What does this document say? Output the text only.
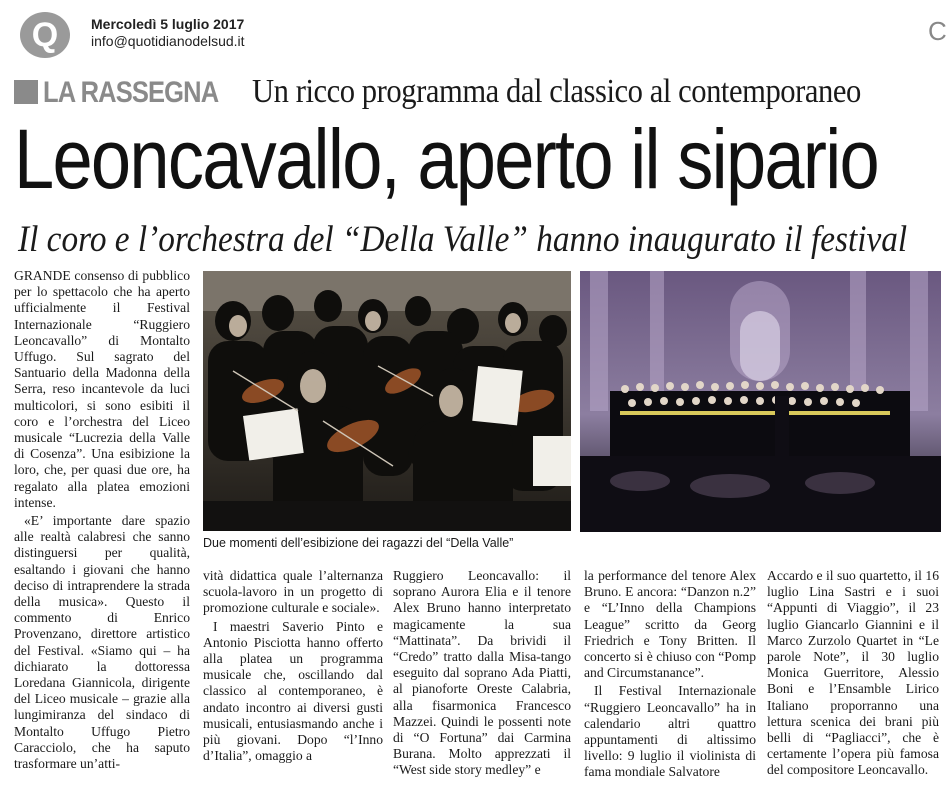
Q	Mercoledì 5 luglio 2017
info@quotidianodelsud.it	C
LA RASSEGNA Un ricco programma dal classico al contemporaneo
Leoncavallo, aperto il sipario
Il coro e l’orchestra del “Della Valle” hanno inaugurato il festival

GRANDE consenso di pubblico per lo spettacolo che ha aperto ufficialmente il Festival Internazionale “Ruggiero Leoncavallo” di Montalto Uffugo. Sul sagrato del Santuario della Madonna della Serra, reso incantevole da luci multicolori, si sono esibiti il coro e l’orchestra del Liceo musicale “Lucrezia della Valle di Cosenza”. Una esibizione la loro, che, per quasi due ore, ha regalato alla platea emozioni intense.

«E’ importante dare spazio alle realtà calabresi che sanno distinguersi per qualità, esaltando i giovani che hanno deciso di intraprendere la strada della musica». Questo il commento di Enrico Provenzano, direttore artistico del Festival. «Siamo qui – ha dichiarato la dottoressa Loredana Giannicola, dirigente del Liceo musicale – grazie alla lungimiranza del sindaco di Montalto Uffugo Pietro Caracciolo, che ha saputo trasformare un’atti-

Due momenti dell’esibizione dei ragazzi del “Della Valle”

vità didattica quale l’alternanza scuola-lavoro in un progetto di promozione culturale e sociale».

I maestri Saverio Pinto e Antonio Pisciotta hanno offerto alla platea un programma musicale che, oscillando dal classico al contemporaneo, è andato incontro ai diversi gusti musicali, entusiasmando anche i più giovani. Dopo “l’Inno d’Italia”, omaggio a

Ruggiero Leoncavallo: il soprano Aurora Elia e il tenore Alex Bruno hanno interpretato magicamente la sua “Mattinata”. Da brividi il “Credo” tratto dalla Misa-tango eseguito dal soprano Ada Piatti, al pianoforte Oreste Calabria, alla fisarmonica Francesco Mazzei. Quindi le possenti note di “O Fortuna” dai Carmina Burana. Molto apprezzati il “West side story medley” e

la performance del tenore Alex Bruno. E ancora: “Danzon n.2” e “L’Inno della Champions League” scritto da Georg Friedrich e Tony Britten. Il concerto si è chiuso con “Pomp and Circumstanance”.

Il Festival Internazionale “Ruggiero Leoncavallo” ha in calendario altri quattro appuntamenti di altissimo livello: 9 luglio il violinista di fama mondiale Salvatore

Accardo e il suo quartetto, il 16 luglio Lina Sastri e i suoi “Appunti di Viaggio”, il 23 luglio Giancarlo Giannini e il Marco Zurzolo Quartet in “Le parole Note”, il 30 luglio Monica Guerritore, Alessio Boni e l’Ensamble Lirico Italiano proporranno una lettura scenica dei brani più belli di “Pagliacci”, che è certamente l’opera più famosa del compositore Leoncavallo.
